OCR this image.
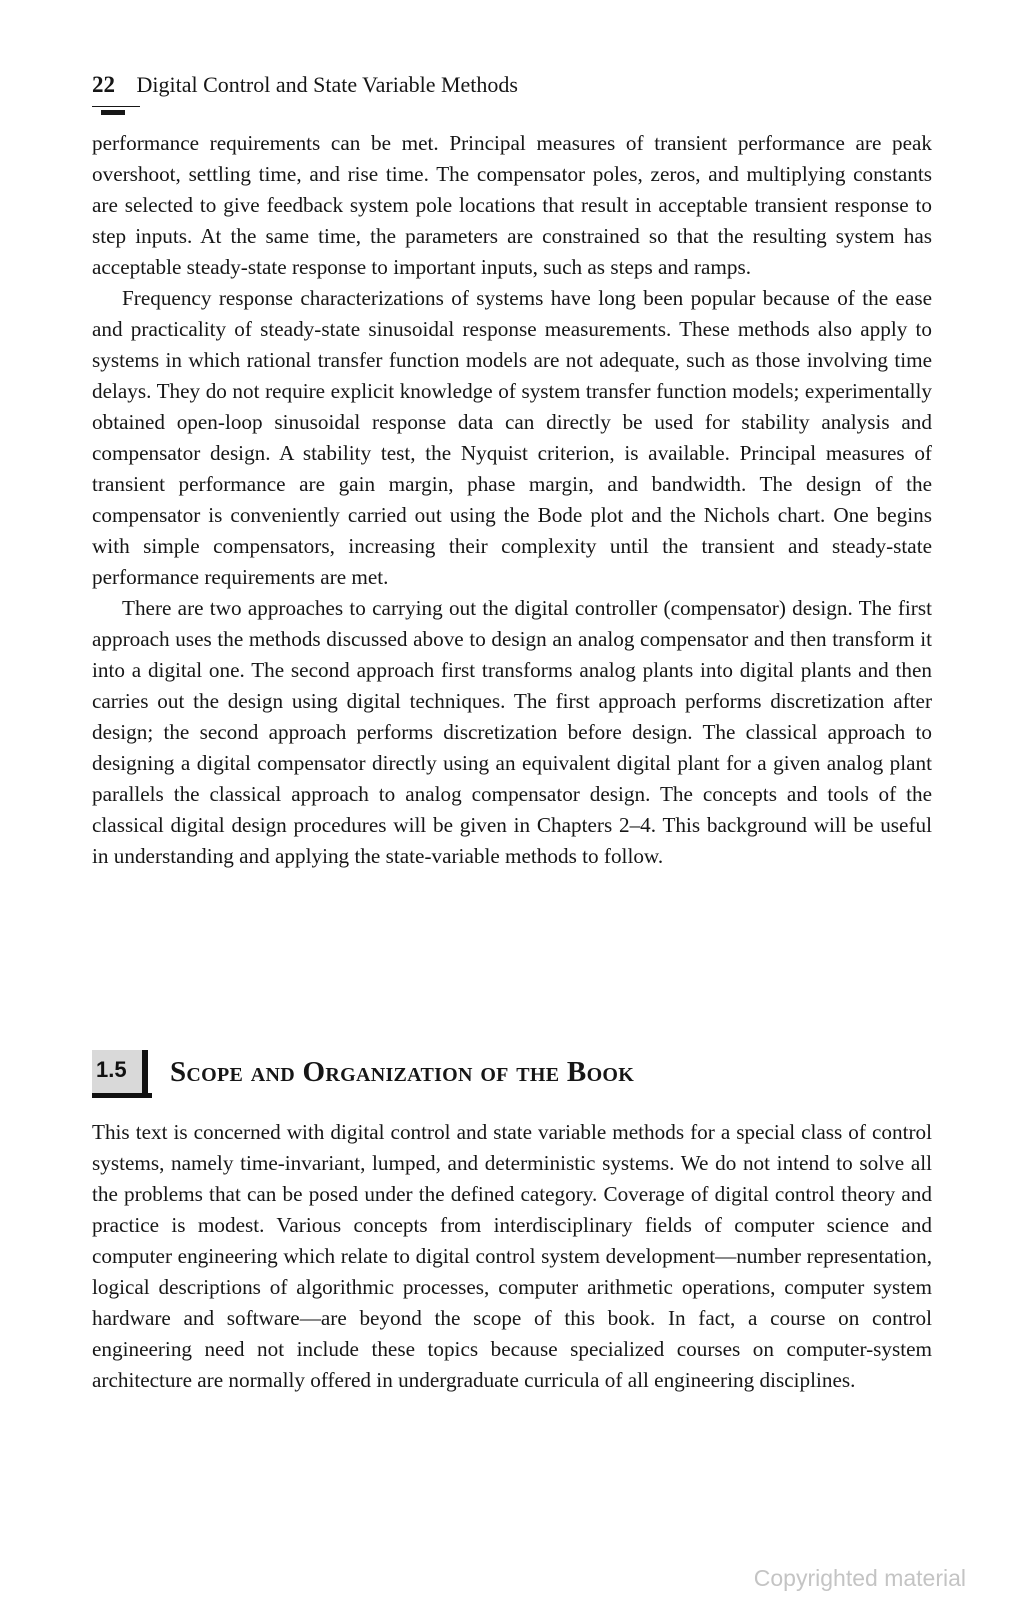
22 Digital Control and State Variable Methods

performance requirements can be met. Principal measures of transient performance are peak overshoot, settling time, and rise time. The compensator poles, zeros, and multiplying constants are selected to give feedback system pole locations that result in acceptable transient response to step inputs. At the same time, the parameters are constrained so that the resulting system has acceptable steady-state response to important inputs, such as steps and ramps.

Frequency response characterizations of systems have long been popular because of the ease and practicality of steady-state sinusoidal response measurements. These methods also apply to systems in which rational transfer function models are not adequate, such as those involving time delays. They do not require explicit knowledge of system transfer function models; experimentally obtained open-loop sinusoidal response data can directly be used for stability analysis and compensator design. A stability test, the Nyquist criterion, is available. Principal measures of transient performance are gain margin, phase margin, and bandwidth. The design of the compensator is conveniently carried out using the Bode plot and the Nichols chart. One begins with simple compensators, increasing their complexity until the transient and steady-state performance requirements are met.

There are two approaches to carrying out the digital controller (compensator) design. The first approach uses the methods discussed above to design an analog compensator and then transform it into a digital one. The second approach first transforms analog plants into digital plants and then carries out the design using digital techniques. The first approach performs discretization after design; the second approach performs discretization before design. The classical approach to designing a digital compensator directly using an equivalent digital plant for a given analog plant parallels the classical approach to analog compensator design. The concepts and tools of the classical digital design procedures will be given in Chapters 2–4. This background will be useful in understanding and applying the state-variable methods to follow.

1.5	Scope and Organization of the Book

This text is concerned with digital control and state variable methods for a special class of control systems, namely time-invariant, lumped, and deterministic systems. We do not intend to solve all the problems that can be posed under the defined category. Coverage of digital control theory and practice is modest. Various concepts from interdisciplinary fields of computer science and computer engineering which relate to digital control system development—number representation, logical descriptions of algorithmic processes, computer arithmetic operations, computer system hardware and software—are beyond the scope of this book. In fact, a course on control engineering need not include these topics because specialized courses on computer-system architecture are normally offered in undergraduate curricula of all engineering disciplines.

Copyrighted material
